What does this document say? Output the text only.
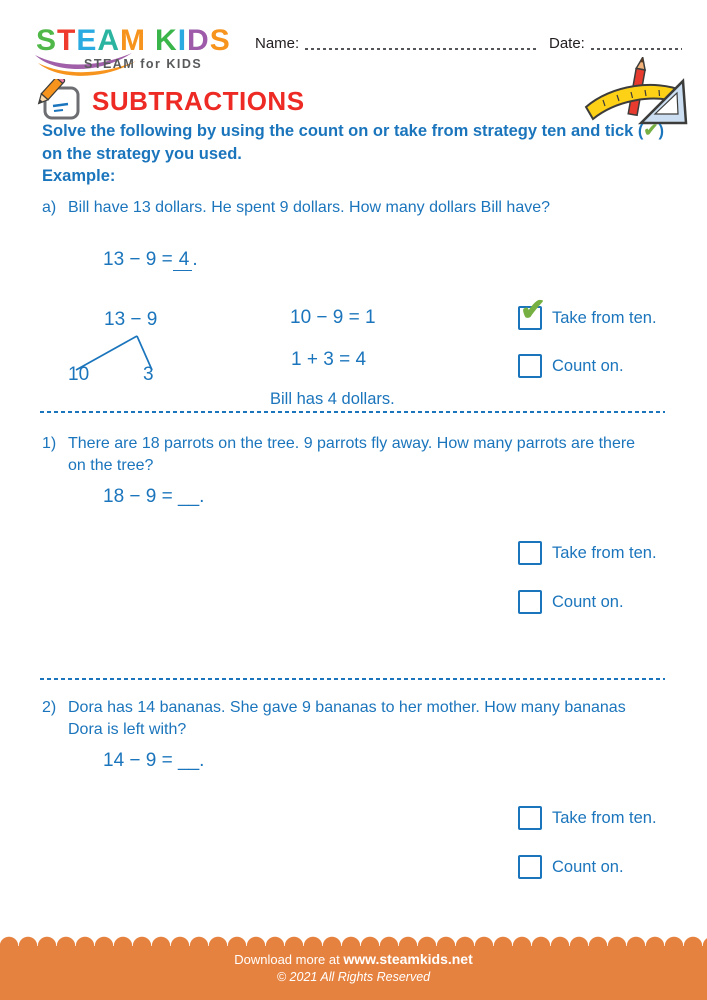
STEAM KIDS
STEAM for KIDS
Name:	Date:
SUBTRACTIONS
Solve the following by using the count on or take from strategy ten and tick (✔)
on the strategy you used.
Example:
a) Bill have 13 dollars. He spent 9 dollars. How many dollars Bill have?
13 − 9 = 4 .
13 − 9
10	3
10 − 9 = 1
1 + 3 = 4
Bill has 4 dollars.
✔ Take from ten.
Count on.
1) There are 18 parrots on the tree. 9 parrots fly away. How many parrots are there on the tree?
18 − 9 = __.
Take from ten.
Count on.
2) Dora has 14 bananas. She gave 9 bananas to her mother. How many bananas Dora is left with?
14 − 9 = __.
Take from ten.
Count on.
Download more at www.steamkids.net
© 2021 All Rights Reserved
